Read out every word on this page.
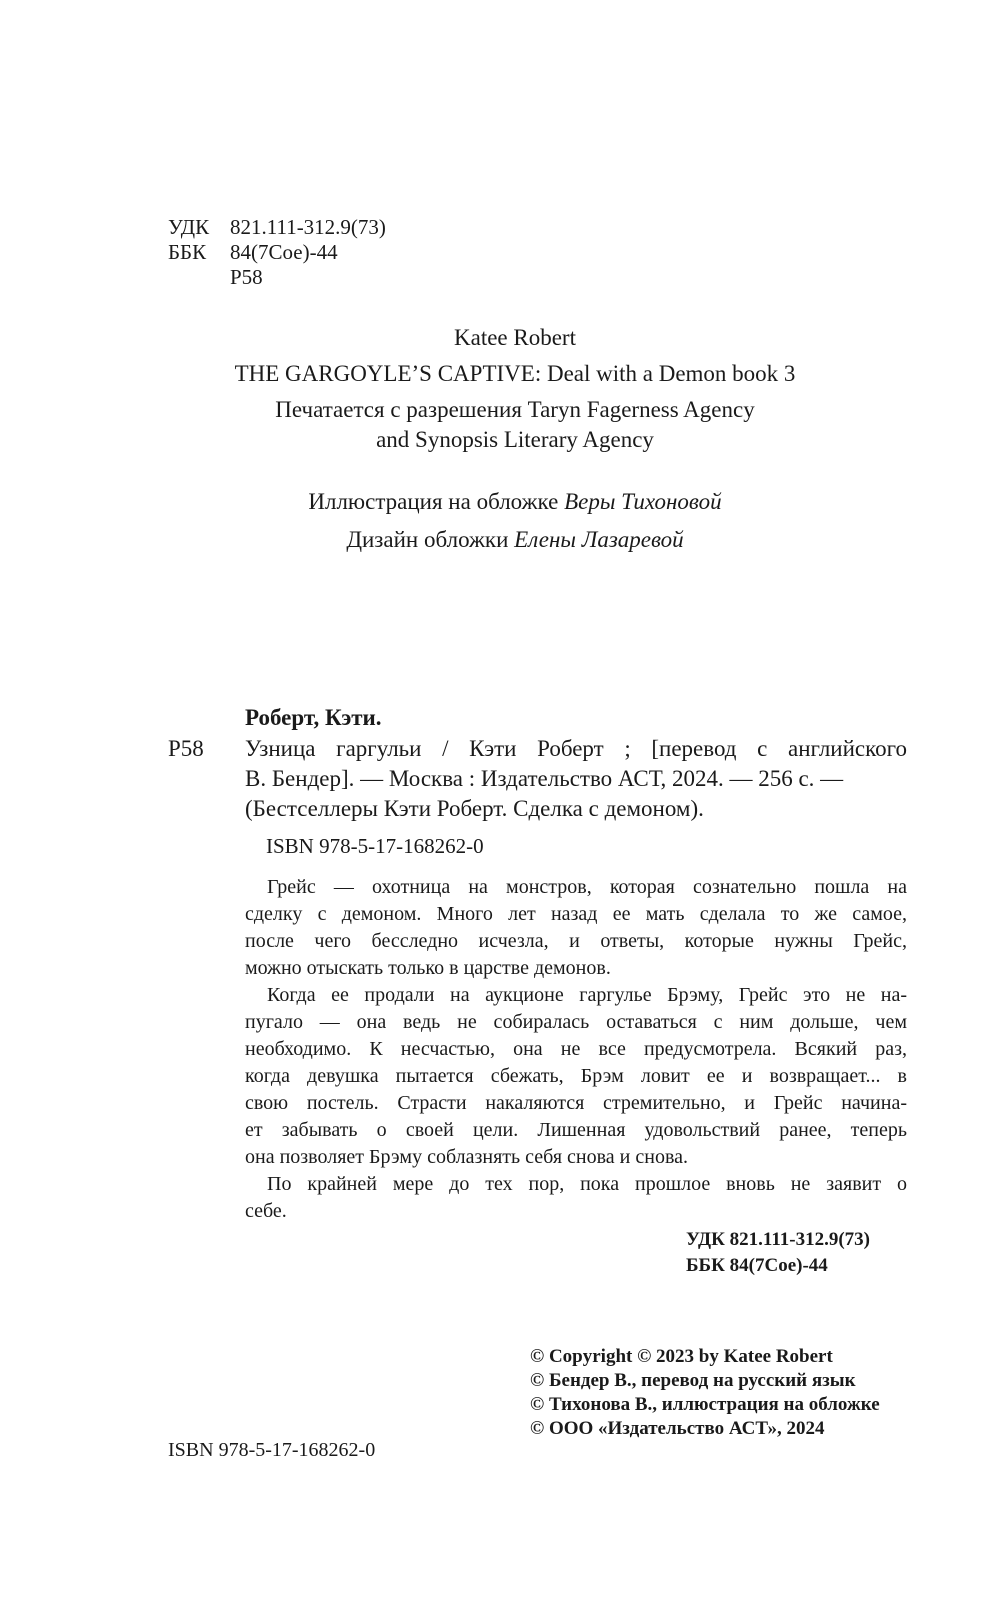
УДК 821.111-312.9(73)
ББК	84(7Сое)-44
Р58

Katee Robert

THE GARGOYLE’S CAPTIVE: Deal with a Demon book 3

Печатается с разрешения Taryn Fagerness Agency

and Synopsis Literary Agency

Иллюстрация на обложке Веры Тихоновой

Дизайн обложки Елены Лазаревой

Роберт, Кэти.
Р58 Узница гаргульи / Кэти Роберт ; [перевод с английского
В. Бендер]. — Москва : Издательство АСТ, 2024. — 256 с. —
(Бестселлеры Кэти Роберт. Сделка с демоном).
ISBN 978-5-17-168262-0
Грейс — охотница на монстров, которая сознательно пошла на
сделку с демоном. Много лет назад ее мать сделала то же самое,
после чего бесследно исчезла, и ответы, которые нужны Грейс,
можно отыскать только в царстве демонов.
Когда ее продали на аукционе гаргулье Брэму, Грейс это не на-
пугало — она ведь не собиралась оставаться с ним дольше, чем
необходимо. К несчастью, она не все предусмотрела. Всякий раз,
когда девушка пытается сбежать, Брэм ловит ее и возвращает... в
свою постель. Страсти накаляются стремительно, и Грейс начина-
ет забывать о своей цели. Лишенная удовольствий ранее, теперь
она позволяет Брэму соблазнять себя снова и снова.
По крайней мере до тех пор, пока прошлое вновь не заявит о
себе.
УДК 821.111-312.9(73)
ББК 84(7Сое)-44
© Copyright © 2023 by Katee Robert
© Бендер В., перевод на русский язык
© Тихонова В., иллюстрация на обложке
© ООО «Издательство АСТ», 2024
ISBN 978-5-17-168262-0
